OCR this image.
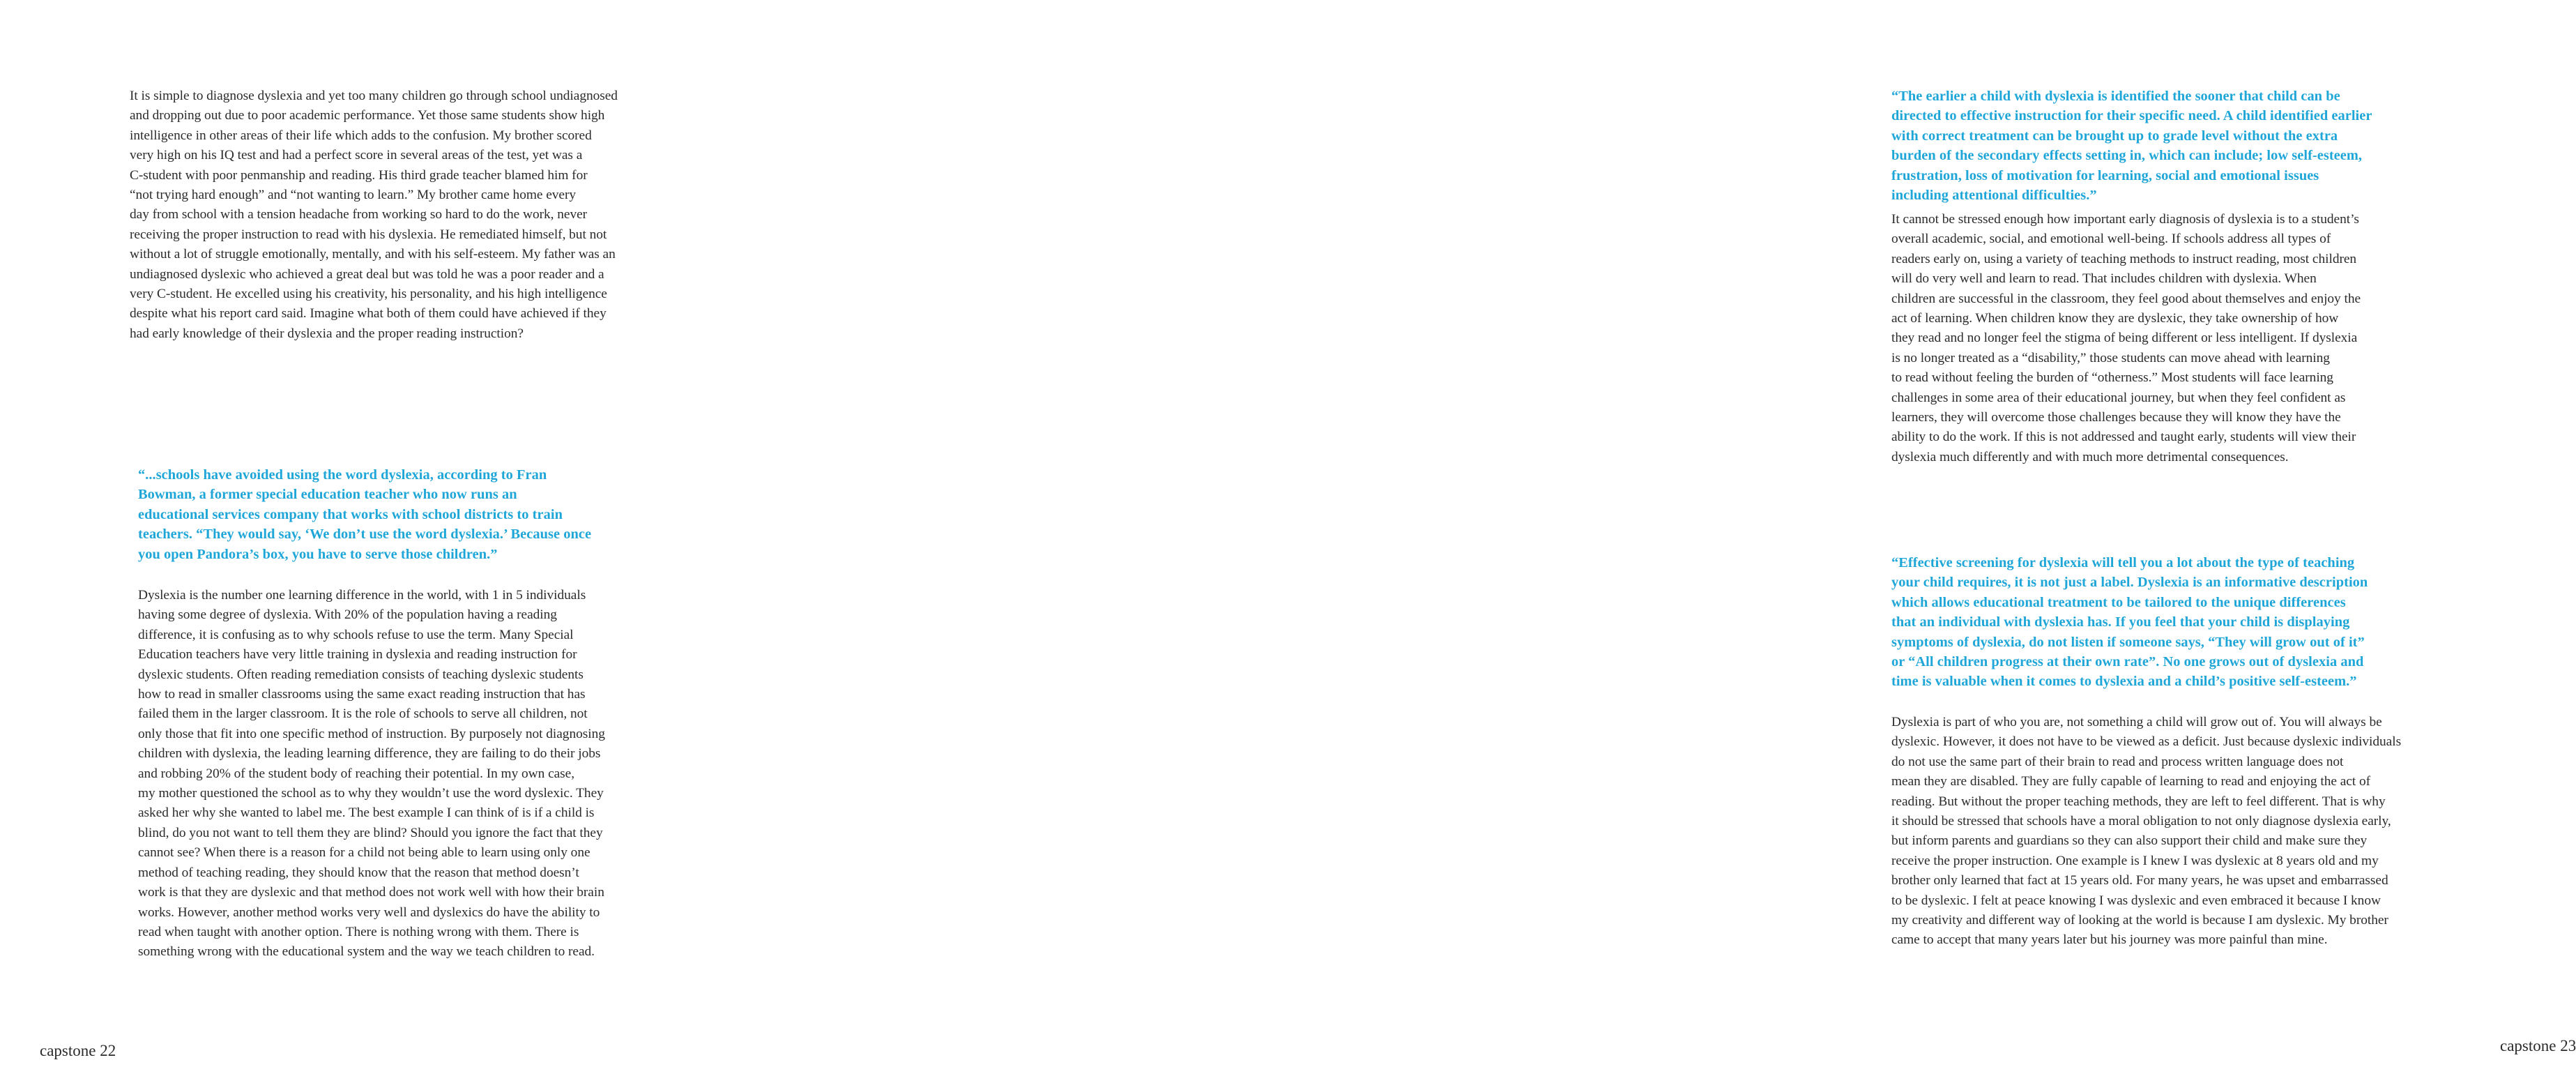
It is simple to diagnose dyslexia and yet too many children go through school undiagnosed
and dropping out due to poor academic performance. Yet those same students show high
intelligence in other areas of their life which adds to the confusion. My brother scored
very high on his IQ test and had a perfect score in several areas of the test, yet was a
C-student with poor penmanship and reading. His third grade teacher blamed him for
“not trying hard enough” and “not wanting to learn.” My brother came home every
day from school with a tension headache from working so hard to do the work, never
receiving the proper instruction to read with his dyslexia. He remediated himself, but not
without a lot of struggle emotionally, mentally, and with his self-esteem. My father was an
undiagnosed dyslexic who achieved a great deal but was told he was a poor reader and a
very C-student. He excelled using his creativity, his personality, and his high intelligence
despite what his report card said. Imagine what both of them could have achieved if they
had early knowledge of their dyslexia and the proper reading instruction?
“...schools have avoided using the word dyslexia, according to Fran
Bowman, a former special education teacher who now runs an
educational services company that works with school districts to train
teachers. “They would say, ‘We don’t use the word dyslexia.’ Because once
you open Pandora’s box, you have to serve those children.”
Dyslexia is the number one learning difference in the world, with 1 in 5 individuals
having some degree of dyslexia. With 20% of the population having a reading
difference, it is confusing as to why schools refuse to use the term. Many Special
Education teachers have very little training in dyslexia and reading instruction for
dyslexic students. Often reading remediation consists of teaching dyslexic students
how to read in smaller classrooms using the same exact reading instruction that has
failed them in the larger classroom. It is the role of schools to serve all children, not
only those that fit into one specific method of instruction. By purposely not diagnosing
children with dyslexia, the leading learning difference, they are failing to do their jobs
and robbing 20% of the student body of reaching their potential. In my own case,
my mother questioned the school as to why they wouldn’t use the word dyslexic. They
asked her why she wanted to label me. The best example I can think of is if a child is
blind, do you not want to tell them they are blind? Should you ignore the fact that they
cannot see? When there is a reason for a child not being able to learn using only one
method of teaching reading, they should know that the reason that method doesn’t
work is that they are dyslexic and that method does not work well with how their brain
works. However, another method works very well and dyslexics do have the ability to
read when taught with another option. There is nothing wrong with them. There is
something wrong with the educational system and the way we teach children to read.
capstone 22
“The earlier a child with dyslexia is identified the sooner that child can be
directed to effective instruction for their specific need. A child identified earlier
with correct treatment can be brought up to grade level without the extra
burden of the secondary effects setting in, which can include; low self-esteem,
frustration, loss of motivation for learning, social and emotional issues
including attentional difficulties.”
It cannot be stressed enough how important early diagnosis of dyslexia is to a student’s
overall academic, social, and emotional well-being. If schools address all types of
readers early on, using a variety of teaching methods to instruct reading, most children
will do very well and learn to read. That includes children with dyslexia. When
children are successful in the classroom, they feel good about themselves and enjoy the
act of learning. When children know they are dyslexic, they take ownership of how
they read and no longer feel the stigma of being different or less intelligent. If dyslexia
is no longer treated as a “disability,” those students can move ahead with learning
to read without feeling the burden of “otherness.” Most students will face learning
challenges in some area of their educational journey, but when they feel confident as
learners, they will overcome those challenges because they will know they have the
ability to do the work. If this is not addressed and taught early, students will view their
dyslexia much differently and with much more detrimental consequences.
“Effective screening for dyslexia will tell you a lot about the type of teaching
your child requires, it is not just a label. Dyslexia is an informative description
which allows educational treatment to be tailored to the unique differences
that an individual with dyslexia has. If you feel that your child is displaying
symptoms of dyslexia, do not listen if someone says, “They will grow out of it”
or “All children progress at their own rate”. No one grows out of dyslexia and
time is valuable when it comes to dyslexia and a child’s positive self-esteem.”
Dyslexia is part of who you are, not something a child will grow out of. You will always be
dyslexic. However, it does not have to be viewed as a deficit. Just because dyslexic individuals
do not use the same part of their brain to read and process written language does not
mean they are disabled. They are fully capable of learning to read and enjoying the act of
reading. But without the proper teaching methods, they are left to feel different. That is why
it should be stressed that schools have a moral obligation to not only diagnose dyslexia early,
but inform parents and guardians so they can also support their child and make sure they
receive the proper instruction. One example is I knew I was dyslexic at 8 years old and my
brother only learned that fact at 15 years old. For many years, he was upset and embarrassed
to be dyslexic. I felt at peace knowing I was dyslexic and even embraced it because I know
my creativity and different way of looking at the world is because I am dyslexic. My brother
came to accept that many years later but his journey was more painful than mine.
capstone 23
